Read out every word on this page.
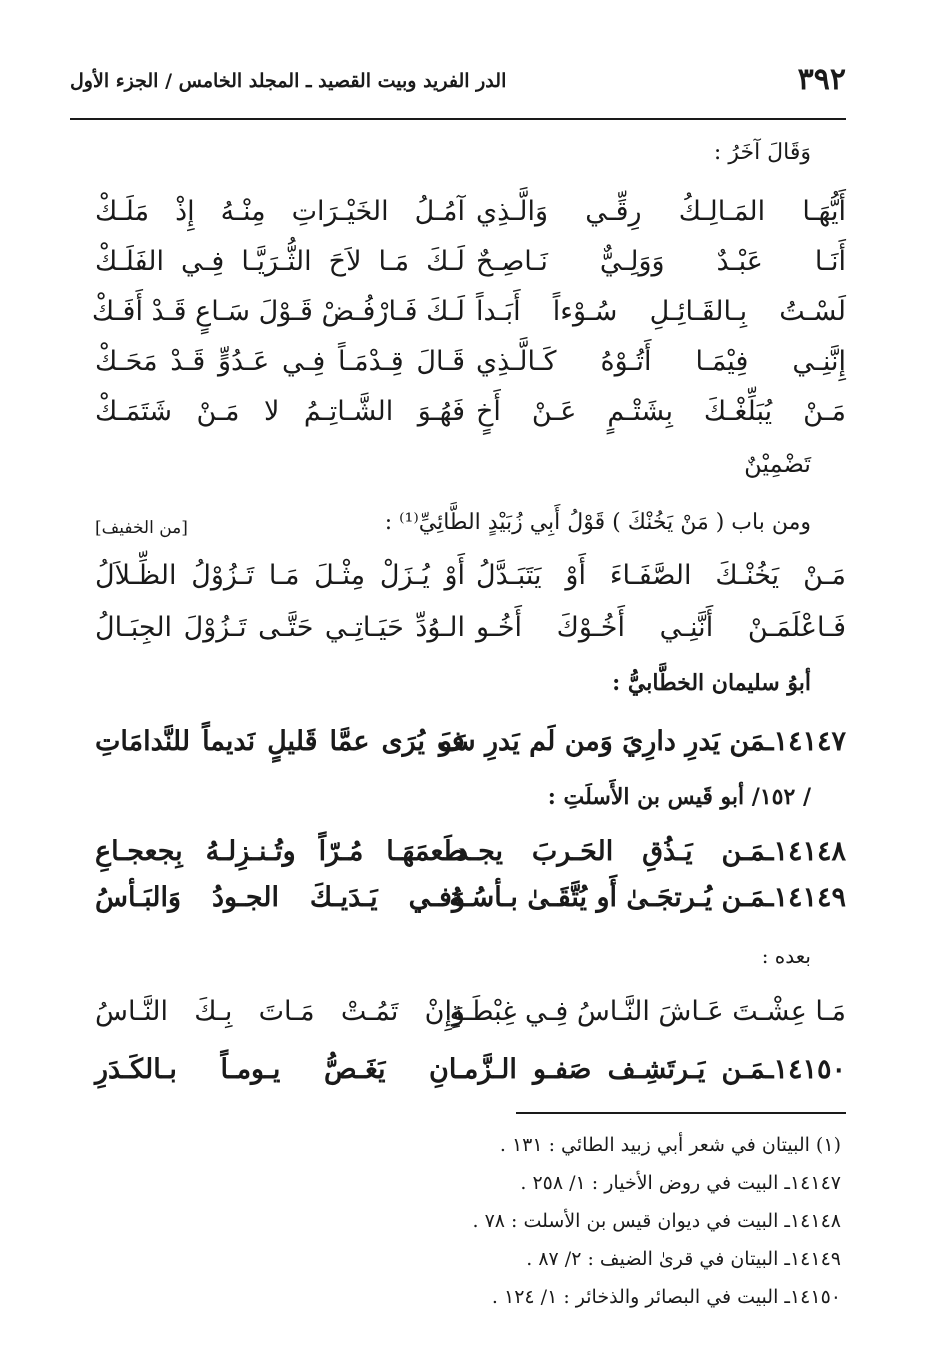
٣٩٢
الدر الفريد وبيت القصيد ـ المجلد الخامس / الجزء الأول
وَقَالَ آخَرُ :
أَيُّهَـا المَـالِـكُ رِقِّـي وَالَّـذِي
آمُـلُ الخَيْـرَاتِ مِنْـهُ إِذْ مَلَـكْ
أَنَـا عَبْـدٌ وَوَلِـيٌّ نَـاصِـحٌ
لَـكَ مَـا لاَحَ الثُّـرَيَّـا فِـي الفَلَـكْ
لَسْـتُ بِـالقَـائِـلِ سُـوْءاً أَبَـداً
لَـكَ فَـارْفُـضْ قَـوْلَ سَـاعٍ قَـدْ أَفَـكْ
إِنَّنِـي فِيْمَـا أَتُـوْهُ كَـالَّـذِي
قَـالَ قِـدْمَـاً فِـي عَـدُوٍّ قَـدْ مَحَـكْ
مَـنْ يُبَلِّغْـكَ بِشَتْـمٍ عَـنْ أَخٍ
فَهُـوَ الشَّـاتِـمُ لا مَـنْ شَتَمَـكْ
تَضْمِيْنٌ
ومن باب ( مَنْ يَخُنْكَ ) قَوْلُ أَبِي زُبَيْدٍ الطَّائِيِّ⁽¹⁾ :
[من الخفيف]
مَـنْ يَخُنْـكَ الصَّفَـاءَ أَوْ يَتَبَـدَّلُ
أَوْ يُـزَلْ مِثْـلَ مَـا تَـزُوْلُ الظِّـلاَلُ
فَـاعْلَمَـنْ أَنَّنِـي أَخُـوْكَ أَخُـو
الـوُدِّ حَيَـاتِـي حَتَّـى تَـزُوْلَ الجِبَـالُ
أبوُ سليمان الخطَّابيُّ :
١٤١٤٧ـمَن يَدرِ دارِيَ وَمن لَم يَدرِ سَو
فَ يُرَى عمَّا قَليلٍ نَديماً للنَّدامَاتِ
/ ١٥٢/ أبو قَيس بن الأَسلَتِ :
١٤١٤٨ـمَـن يَـذُقِ الحَـربَ يجـد
طَعمَهَـا مُـرّاً وتُـنـزِلـهُ بِجعجـاعِ
١٤١٤٩ـمَـن يُـرتجَـىٰ أَو يُتَّقَـىٰ بـأسُـهُ
وَفـي يَـدَيـكَ الجـودُ وَالبَـأسُ
بعده :
مَـا عِشْـتَ عَـاشَ النَّـاسُ فِـي غِبْطَـةٍ
وَإِنْ تَمُـتْ مَـاتَ بِـكَ النَّـاسُ
١٤١٥٠ـمَـن يَـرتَشِـف صَفـو الـزَّمـ
ـانِ يَغَـصُّ يـومـاً بـالكَـدَرِ
(١) البيتان في شعر أبي زبيد الطائي : ١٣١ .
١٤١٤٧ـ البيت في روض الأخيار : ١/ ٢٥٨ .
١٤١٤٨ـ البيت في ديوان قيس بن الأسلت : ٧٨ .
١٤١٤٩ـ البيتان في قرىٰ الضيف : ٢/ ٨٧ .
١٤١٥٠ـ البيت في البصائر والذخائر : ١/ ١٢٤ .
